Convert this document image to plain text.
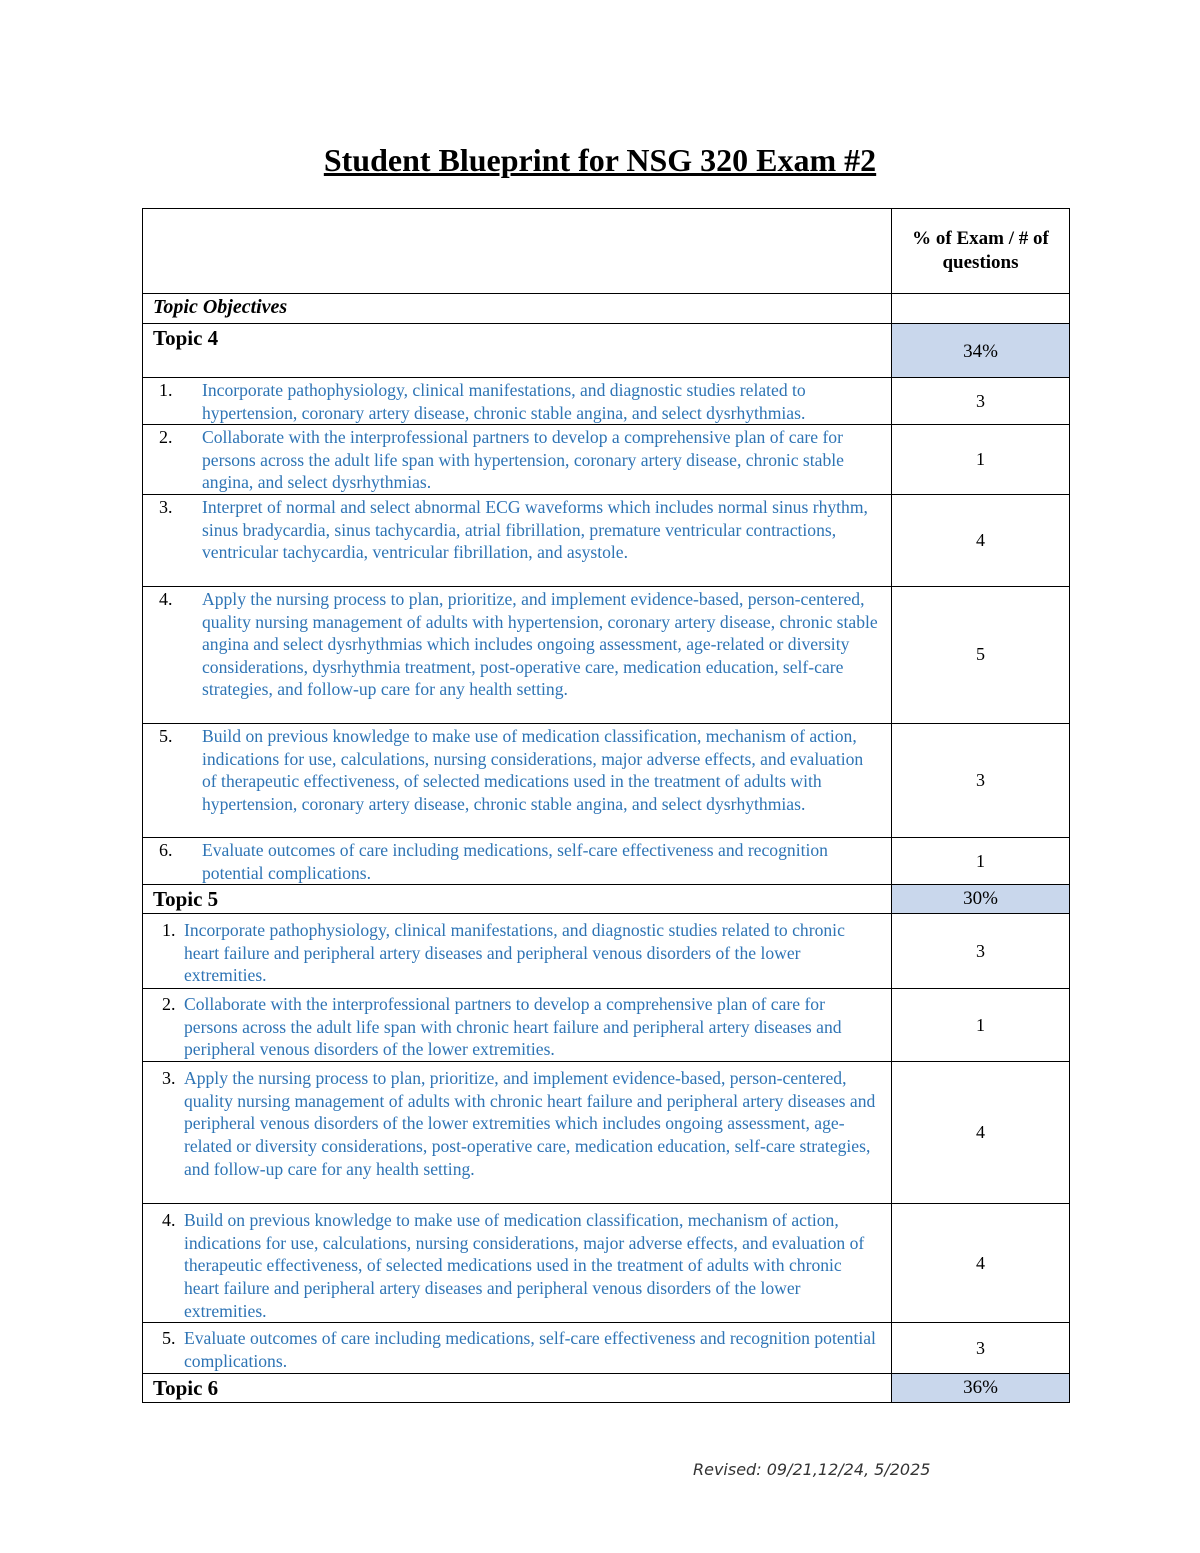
Student Blueprint for NSG 320 Exam #2
	% of Exam / # of questions
Topic Objectives	
Topic 4	34%

1. Incorporate pathophysiology, clinical manifestations, and diagnostic studies related to hypertension, coronary artery disease, chronic stable angina, and select dysrhythmias.	3

2. Collaborate with the interprofessional partners to develop a comprehensive plan of care for persons across the adult life span with hypertension, coronary artery disease, chronic stable angina, and select dysrhythmias.	1

3. Interpret of normal and select abnormal ECG waveforms which includes normal sinus rhythm, sinus bradycardia, sinus tachycardia, atrial fibrillation, premature ventricular contractions, ventricular tachycardia, ventricular fibrillation, and asystole.	4

4. Apply the nursing process to plan, prioritize, and implement evidence-based, person-centered, quality nursing management of adults with hypertension, coronary artery disease, chronic stable angina and select dysrhythmias which includes ongoing assessment, age-related or diversity considerations, dysrhythmia treatment, post-operative care, medication education, self-care strategies, and follow-up care for any health setting.	5

5. Build on previous knowledge to make use of medication classification, mechanism of action, indications for use, calculations, nursing considerations, major adverse effects, and evaluation of therapeutic effectiveness, of selected medications used in the treatment of adults with hypertension, coronary artery disease, chronic stable angina, and select dysrhythmias.	3

6. Evaluate outcomes of care including medications, self-care effectiveness and recognition potential complications.	1
Topic 5	30%

1. Incorporate pathophysiology, clinical manifestations, and diagnostic studies related to chronic heart failure and peripheral artery diseases and peripheral venous disorders of the lower extremities.	3

2. Collaborate with the interprofessional partners to develop a comprehensive plan of care for persons across the adult life span with chronic heart failure and peripheral artery diseases and peripheral venous disorders of the lower extremities.	1

3. Apply the nursing process to plan, prioritize, and implement evidence-based, person-centered, quality nursing management of adults with chronic heart failure and peripheral artery diseases and peripheral venous disorders of the lower extremities which includes ongoing assessment, age-related or diversity considerations, post-operative care, medication education, self-care strategies, and follow-up care for any health setting.	4

4. Build on previous knowledge to make use of medication classification, mechanism of action, indications for use, calculations, nursing considerations, major adverse effects, and evaluation of therapeutic effectiveness, of selected medications used in the treatment of adults with chronic heart failure and peripheral artery diseases and peripheral venous disorders of the lower extremities.	4

5. Evaluate outcomes of care including medications, self-care effectiveness and recognition potential complications.	3
Topic 6	36%
Revised: 09/21,12/24, 5/2025
